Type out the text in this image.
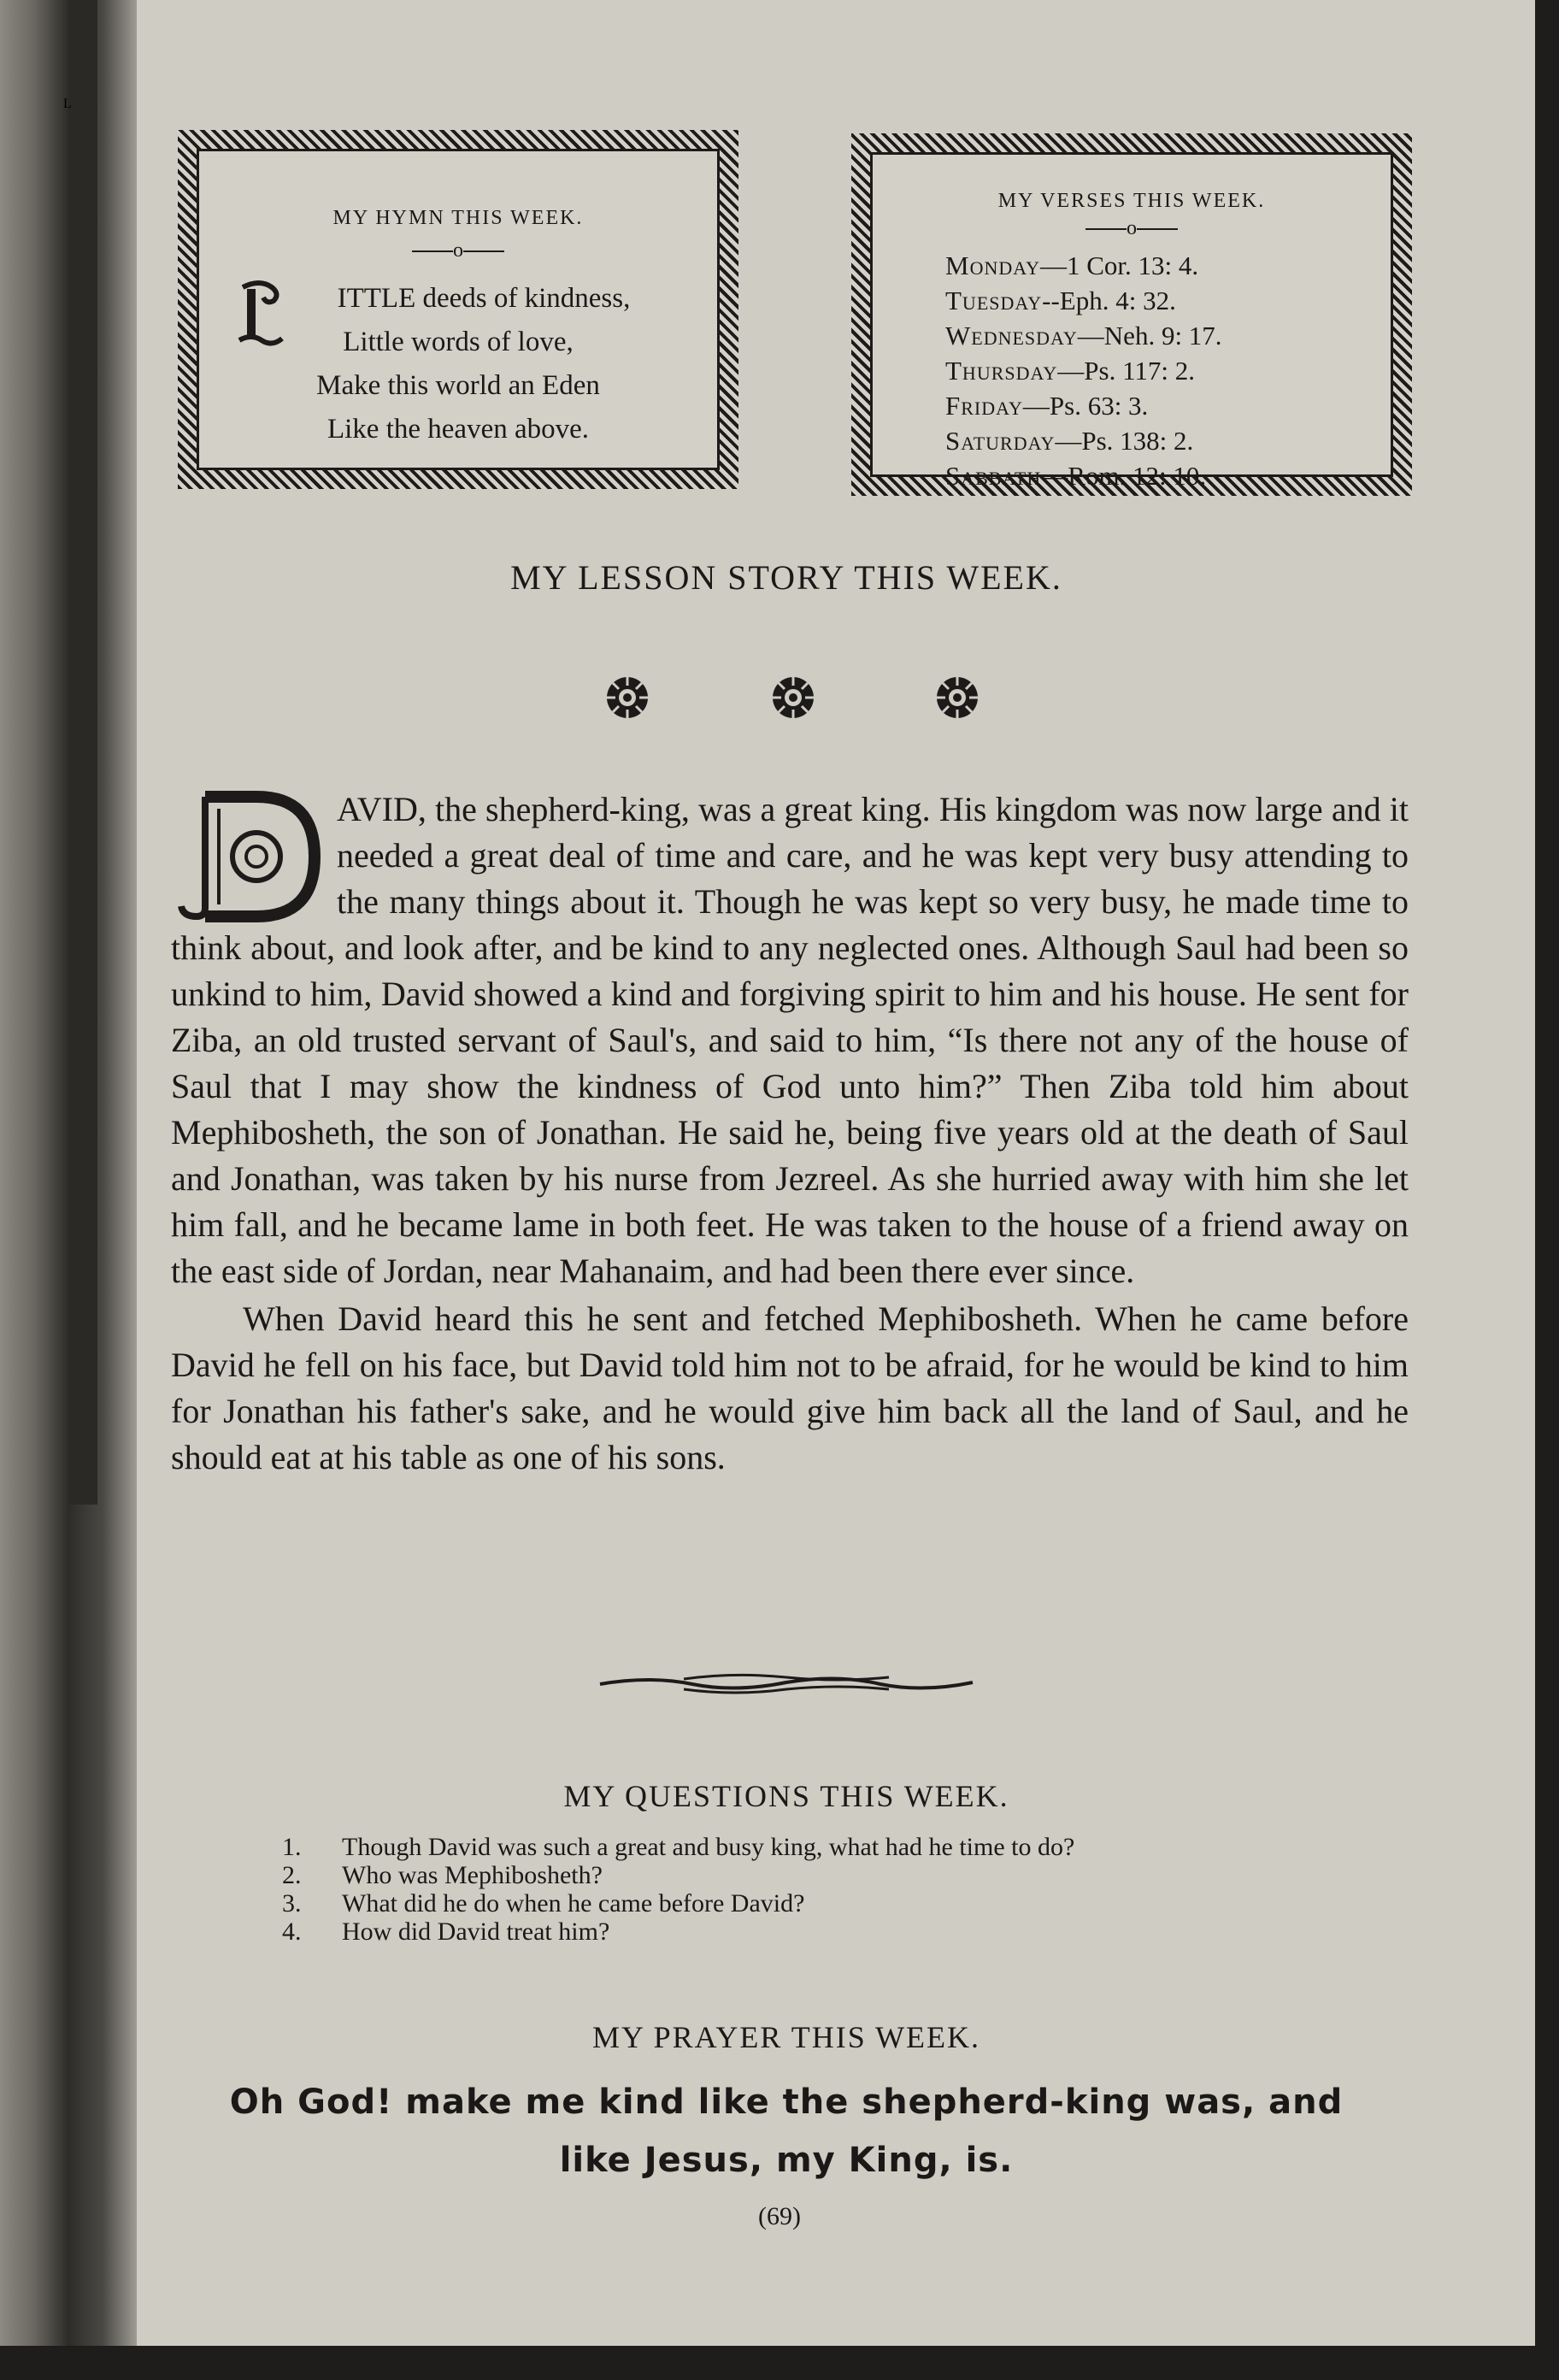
MY HYMN THIS WEEK.
o
L
ITTLE deeds of kindness,
Little words of love,
Make this world an Eden
Like the heaven above.
MY VERSES THIS WEEK.
o
Monday—1 Cor. 13: 4.
Tuesday--Eph. 4: 32.
Wednesday—Neh. 9: 17.
Thursday—Ps. 117: 2.
Friday—Ps. 63: 3.
Saturday—Ps. 138: 2.
Sabbath—Rom. 12: 10.
MY LESSON STORY THIS WEEK.

AVID, the shepherd-king, was a great king. His kingdom was now large and it needed a great deal of time and care, and he was kept very busy attending to the many things about it. Though he was kept so very busy, he made time to think about, and look after, and be kind to any neglected ones. Although Saul had been so unkind to him, David showed a kind and forgiving spirit to him and his house. He sent for Ziba, an old trusted servant of Saul's, and said to him, “Is there not any of the house of Saul that I may show the kindness of God unto him?” Then Ziba told him about Mephibosheth, the son of Jonathan. He said he, being five years old at the death of Saul and Jonathan, was taken by his nurse from Jezreel. As she hurried away with him she let him fall, and he became lame in both feet. He was taken to the house of a friend away on the east side of Jordan, near Mahanaim, and had been there ever since.

When David heard this he sent and fetched Mephibosheth. When he came before David he fell on his face, but David told him not to be afraid, for he would be kind to him for Jonathan his father's sake, and he would give him back all the land of Saul, and he should eat at his table as one of his sons.

MY QUESTIONS THIS WEEK.
1.	Though David was such a great and busy king, what had he time to do?
2.	Who was Mephibosheth?
3.	What did he do when he came before David?
4.	How did David treat him?
MY PRAYER THIS WEEK.
Oh God! make me kind like the shepherd-king was, and
like Jesus, my King, is.
(69)
